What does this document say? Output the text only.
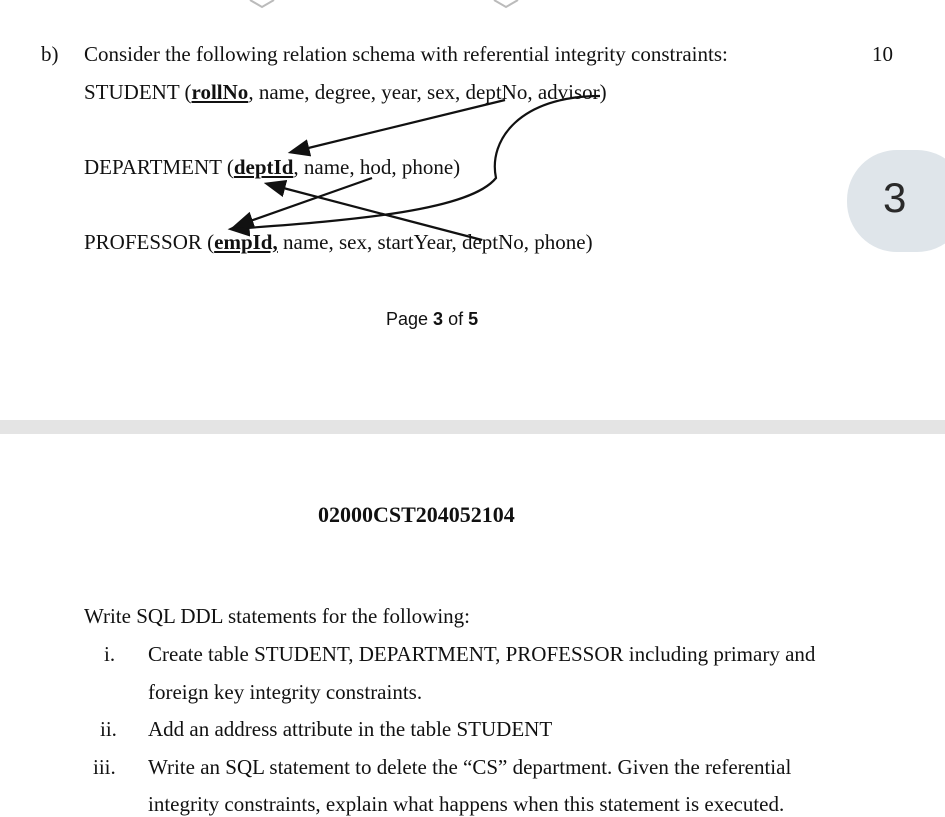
b) Consider the following relation schema with referential integrity constraints:	10
STUDENT (rollNo, name, degree, year, sex, deptNo, advisor)
DEPARTMENT (deptId, name, hod, phone)
PROFESSOR (empId, name, sex, startYear, deptNo, phone)
3
Page 3 of 5
02000CST204052104
Write SQL DDL statements for the following:
i. Create table STUDENT, DEPARTMENT, PROFESSOR including primary and
foreign key integrity constraints.
ii. Add an address attribute in the table STUDENT
iii. Write an SQL statement to delete the “CS” department. Given the referential
integrity constraints, explain what happens when this statement is executed.
